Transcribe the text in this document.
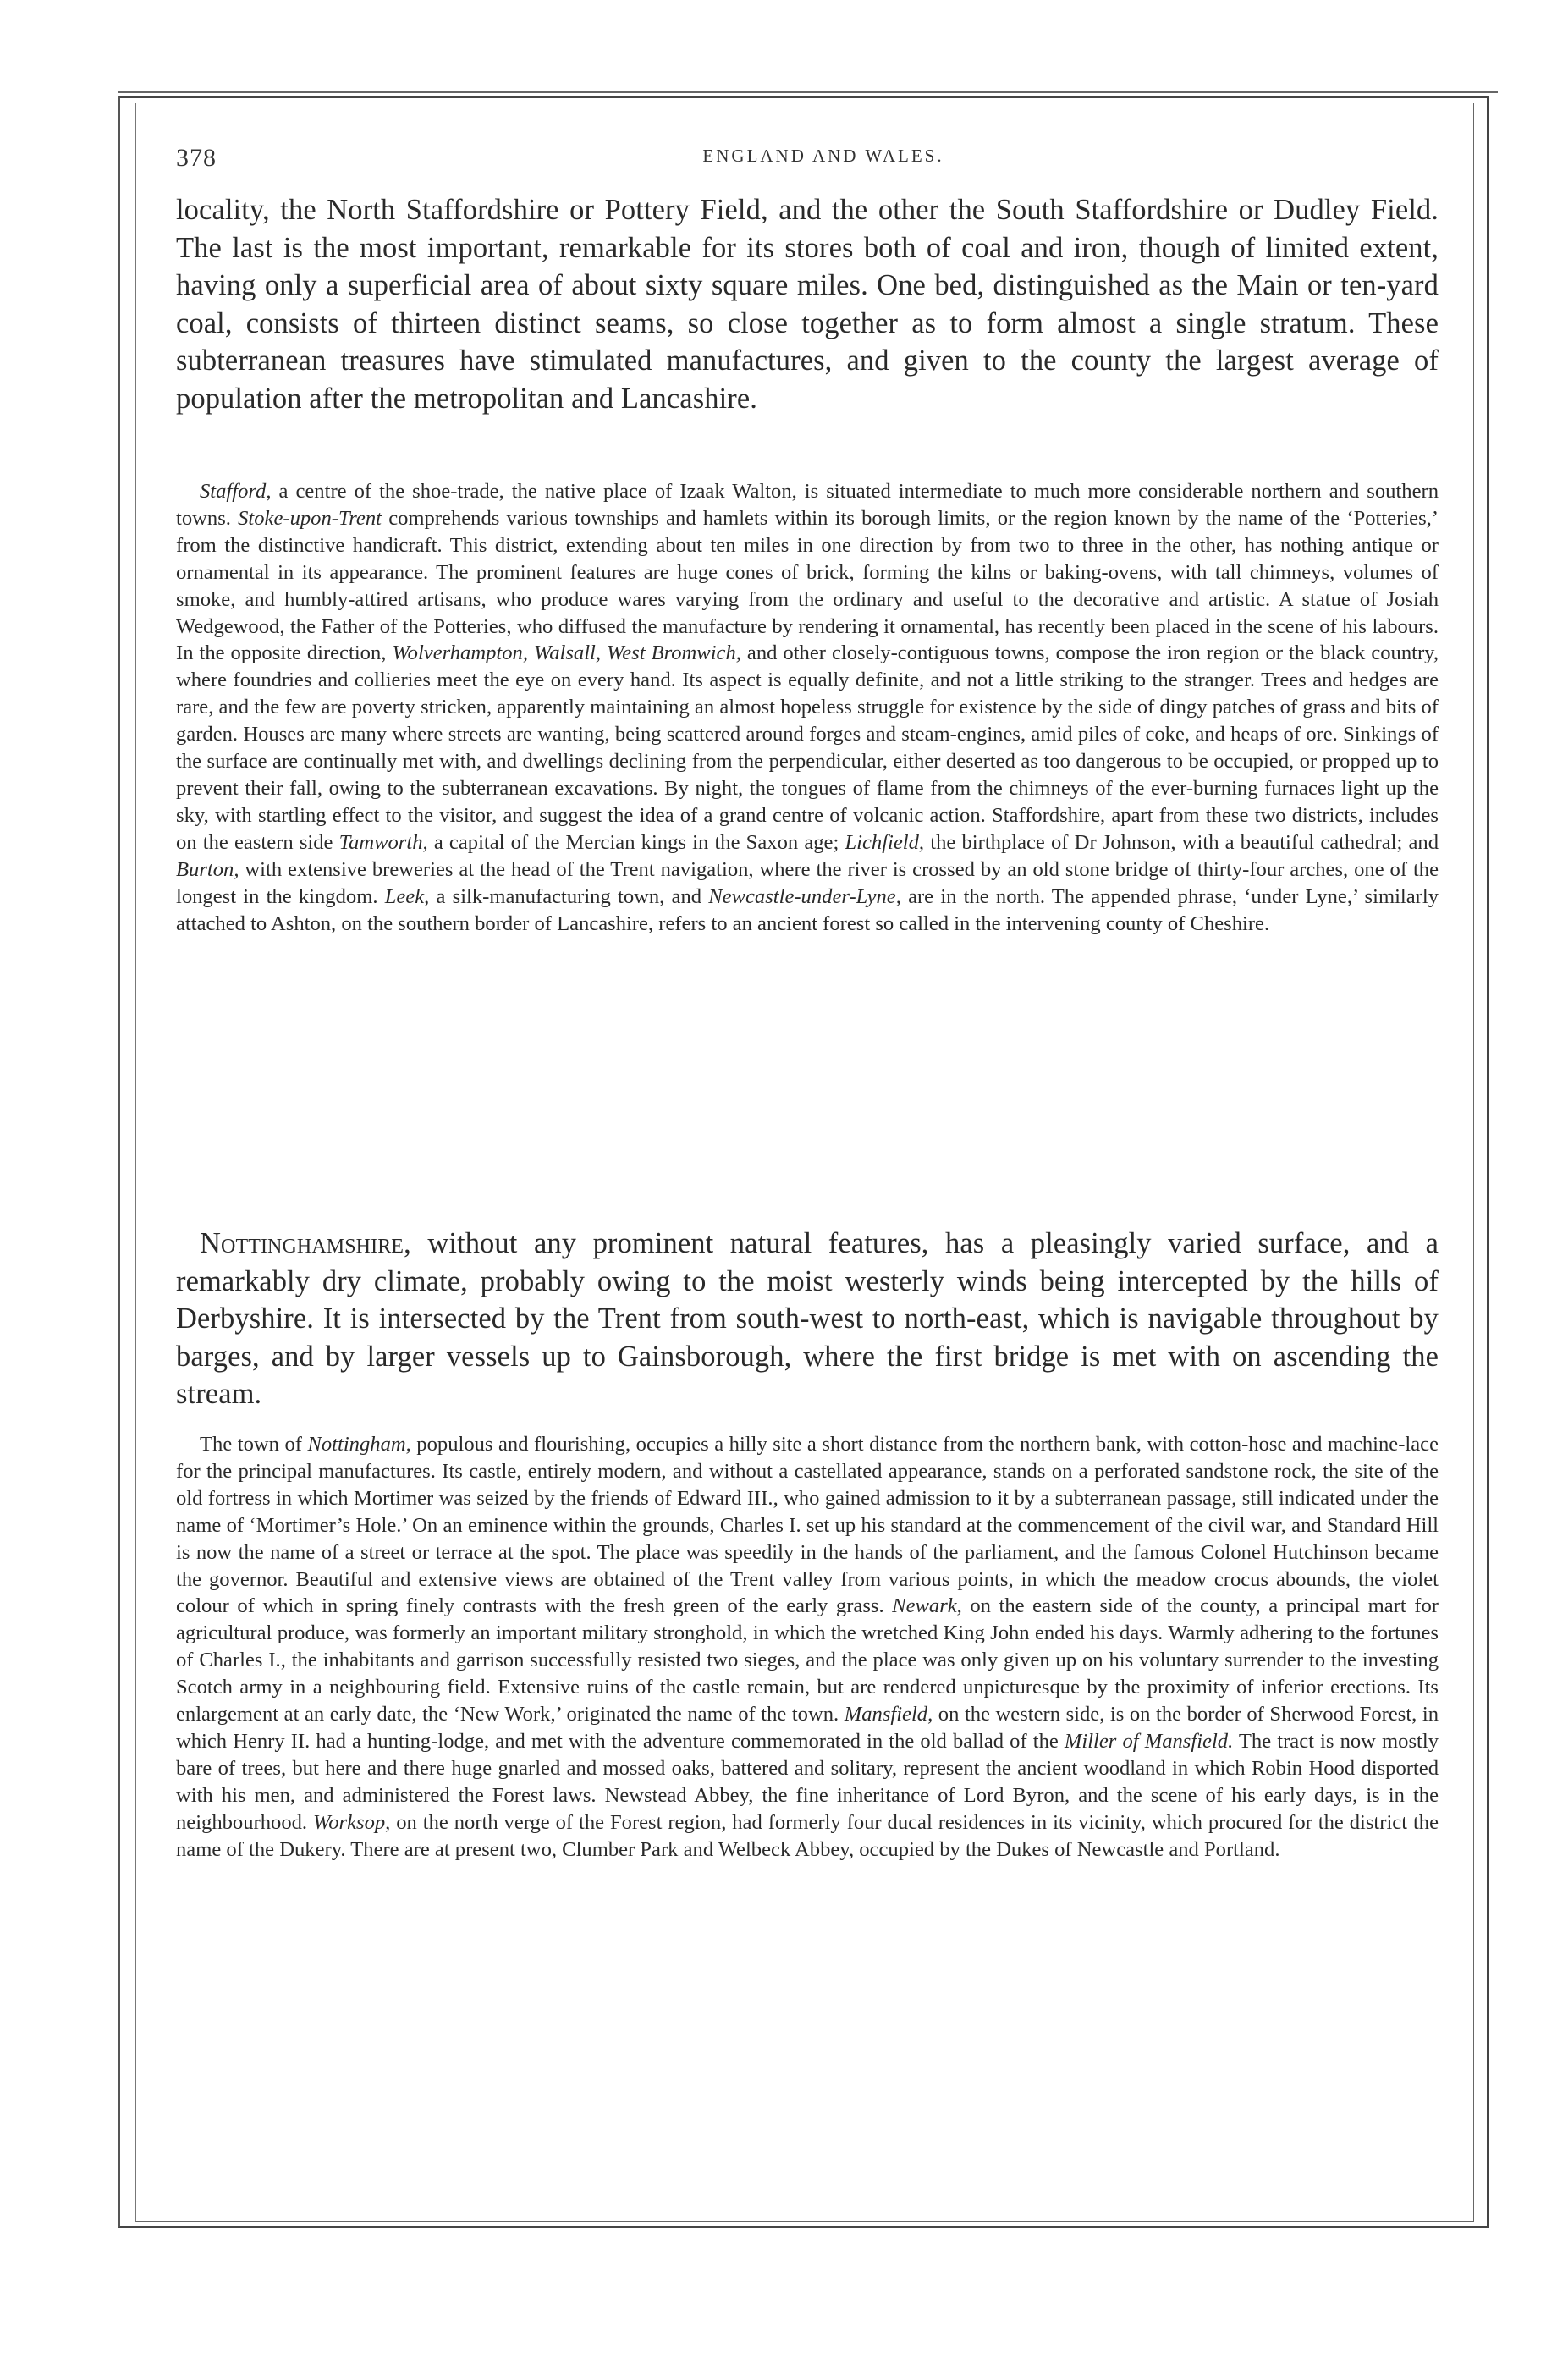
378	ENGLAND AND WALES.

locality, the North Staffordshire or Pottery Field, and the other the South Staffordshire or Dudley Field. The last is the most important, remarkable for its stores both of coal and iron, though of limited extent, having only a superficial area of about sixty square miles. One bed, distinguished as the Main or ten-yard coal, consists of thirteen distinct seams, so close together as to form almost a single stratum. These subterranean treasures have stimulated manufactures, and given to the county the largest average of population after the metropolitan and Lancashire.

Stafford, a centre of the shoe-trade, the native place of Izaak Walton, is situated intermediate to much more considerable northern and southern towns. Stoke-upon-Trent comprehends various townships and hamlets within its borough limits, or the region known by the name of the ‘Potteries,’ from the distinctive handicraft. This district, extending about ten miles in one direction by from two to three in the other, has nothing antique or ornamental in its appearance. The prominent features are huge cones of brick, forming the kilns or baking-ovens, with tall chimneys, volumes of smoke, and humbly-attired artisans, who produce wares varying from the ordinary and useful to the decorative and artistic. A statue of Josiah Wedgewood, the Father of the Potteries, who diffused the manufacture by rendering it ornamental, has recently been placed in the scene of his labours. In the opposite direction, Wolverhampton, Walsall, West Bromwich, and other closely-contiguous towns, compose the iron region or the black country, where foundries and collieries meet the eye on every hand. Its aspect is equally definite, and not a little striking to the stranger. Trees and hedges are rare, and the few are poverty stricken, apparently maintaining an almost hopeless struggle for existence by the side of dingy patches of grass and bits of garden. Houses are many where streets are wanting, being scattered around forges and steam-engines, amid piles of coke, and heaps of ore. Sinkings of the surface are continually met with, and dwellings declining from the perpendicular, either deserted as too dangerous to be occupied, or propped up to prevent their fall, owing to the subterranean excavations. By night, the tongues of flame from the chimneys of the ever-burning furnaces light up the sky, with startling effect to the visitor, and suggest the idea of a grand centre of volcanic action. Staffordshire, apart from these two districts, includes on the eastern side Tamworth, a capital of the Mercian kings in the Saxon age; Lichfield, the birthplace of Dr Johnson, with a beautiful cathedral; and Burton, with extensive breweries at the head of the Trent navigation, where the river is crossed by an old stone bridge of thirty-four arches, one of the longest in the kingdom. Leek, a silk-manufacturing town, and Newcastle-under-Lyne, are in the north. The appended phrase, ‘under Lyne,’ similarly attached to Ashton, on the southern border of Lancashire, refers to an ancient forest so called in the intervening county of Cheshire.

Nottinghamshire, without any prominent natural features, has a pleasingly varied surface, and a remarkably dry climate, probably owing to the moist westerly winds being intercepted by the hills of Derbyshire. It is intersected by the Trent from south-west to north-east, which is navigable throughout by barges, and by larger vessels up to Gainsborough, where the first bridge is met with on ascending the stream.

The town of Nottingham, populous and flourishing, occupies a hilly site a short distance from the northern bank, with cotton-hose and machine-lace for the principal manufactures. Its castle, entirely modern, and without a castellated appearance, stands on a perforated sandstone rock, the site of the old fortress in which Mortimer was seized by the friends of Edward III., who gained admission to it by a subterranean passage, still indicated under the name of ‘Mortimer’s Hole.’ On an eminence within the grounds, Charles I. set up his standard at the commencement of the civil war, and Standard Hill is now the name of a street or terrace at the spot. The place was speedily in the hands of the parliament, and the famous Colonel Hutchinson became the governor. Beautiful and extensive views are obtained of the Trent valley from various points, in which the meadow crocus abounds, the violet colour of which in spring finely contrasts with the fresh green of the early grass. Newark, on the eastern side of the county, a principal mart for agricultural produce, was formerly an important military stronghold, in which the wretched King John ended his days. Warmly adhering to the fortunes of Charles I., the inhabitants and garrison successfully resisted two sieges, and the place was only given up on his voluntary surrender to the investing Scotch army in a neighbouring field. Extensive ruins of the castle remain, but are rendered unpicturesque by the proximity of inferior erections. Its enlargement at an early date, the ‘New Work,’ originated the name of the town. Mansfield, on the western side, is on the border of Sherwood Forest, in which Henry II. had a hunting-lodge, and met with the adventure commemorated in the old ballad of the Miller of Mansfield. The tract is now mostly bare of trees, but here and there huge gnarled and mossed oaks, battered and solitary, represent the ancient woodland in which Robin Hood disported with his men, and administered the Forest laws. Newstead Abbey, the fine inheritance of Lord Byron, and the scene of his early days, is in the neighbourhood. Worksop, on the north verge of the Forest region, had formerly four ducal residences in its vicinity, which procured for the district the name of the Dukery. There are at present two, Clumber Park and Welbeck Abbey, occupied by the Dukes of Newcastle and Portland.
